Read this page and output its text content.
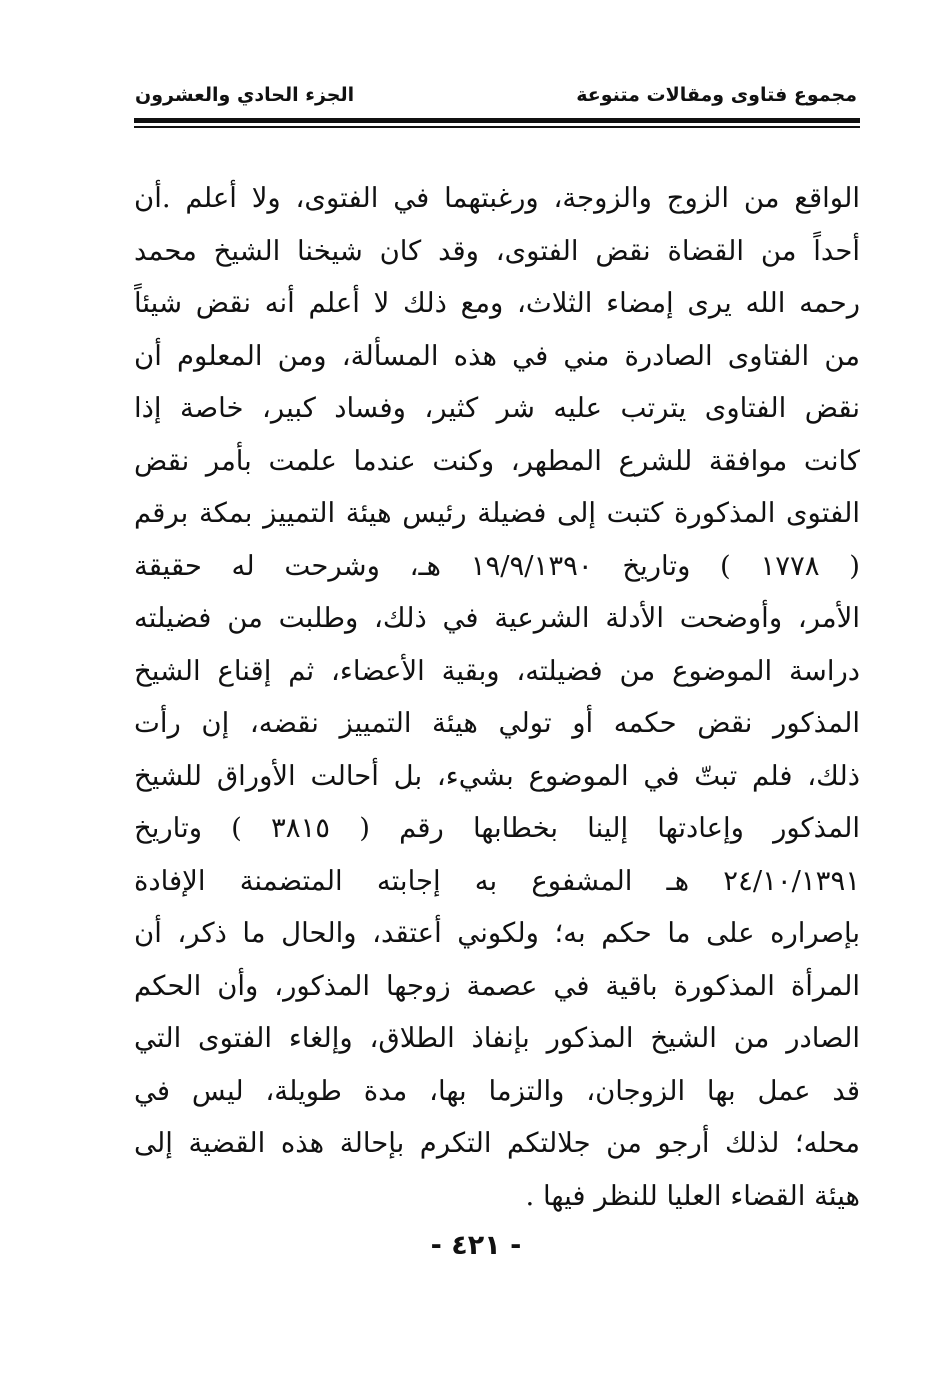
مجموع فتاوى ومقالات متنوعة
الجزء الحادي والعشرون
الواقع من الزوج والزوجة، ورغبتهما في الفتوى، ولا أعلم .أن
أحداً من القضاة نقض الفتوى، وقد كان شيخنا الشيخ محمد
رحمه الله يرى إمضاء الثلاث، ومع ذلك لا أعلم أنه نقض شيئاً
من الفتاوى الصادرة مني في هذه المسألة، ومن المعلوم أن
نقض الفتاوى يترتب عليه شر كثير، وفساد كبير، خاصة إذا
كانت موافقة للشرع المطهر، وكنت عندما علمت بأمر نقض
الفتوى المذكورة كتبت إلى فضيلة رئيس هيئة التمييز بمكة برقم
( ١٧٧٨ ) وتاريخ ١٩/٩/١٣٩٠ هـ، وشرحت له حقيقة
الأمر، وأوضحت الأدلة الشرعية في ذلك، وطلبت من فضيلته
دراسة الموضوع من فضيلته، وبقية الأعضاء، ثم إقناع الشيخ
المذكور نقض حكمه أو تولي هيئة التمييز نقضه، إن رأت
ذلك، فلم تبتّ في الموضوع بشيء، بل أحالت الأوراق للشيخ
المذكور وإعادتها إلينا بخطابها رقم ( ٣٨١٥ ) وتاريخ
٢٤/١٠/١٣٩١ هـ المشفوع به إجابته المتضمنة الإفادة
بإصراره على ما حكم به؛ ولكوني أعتقد، والحال ما ذكر، أن
المرأة المذكورة باقية في عصمة زوجها المذكور، وأن الحكم
الصادر من الشيخ المذكور بإنفاذ الطلاق، وإلغاء الفتوى التي
قد عمل بها الزوجان، والتزما بها، مدة طويلة، ليس في
محله؛ لذلك أرجو من جلالتكم التكرم بإحالة هذه القضية إلى
هيئة القضاء العليا للنظر فيها .
- ٤٢١ -
